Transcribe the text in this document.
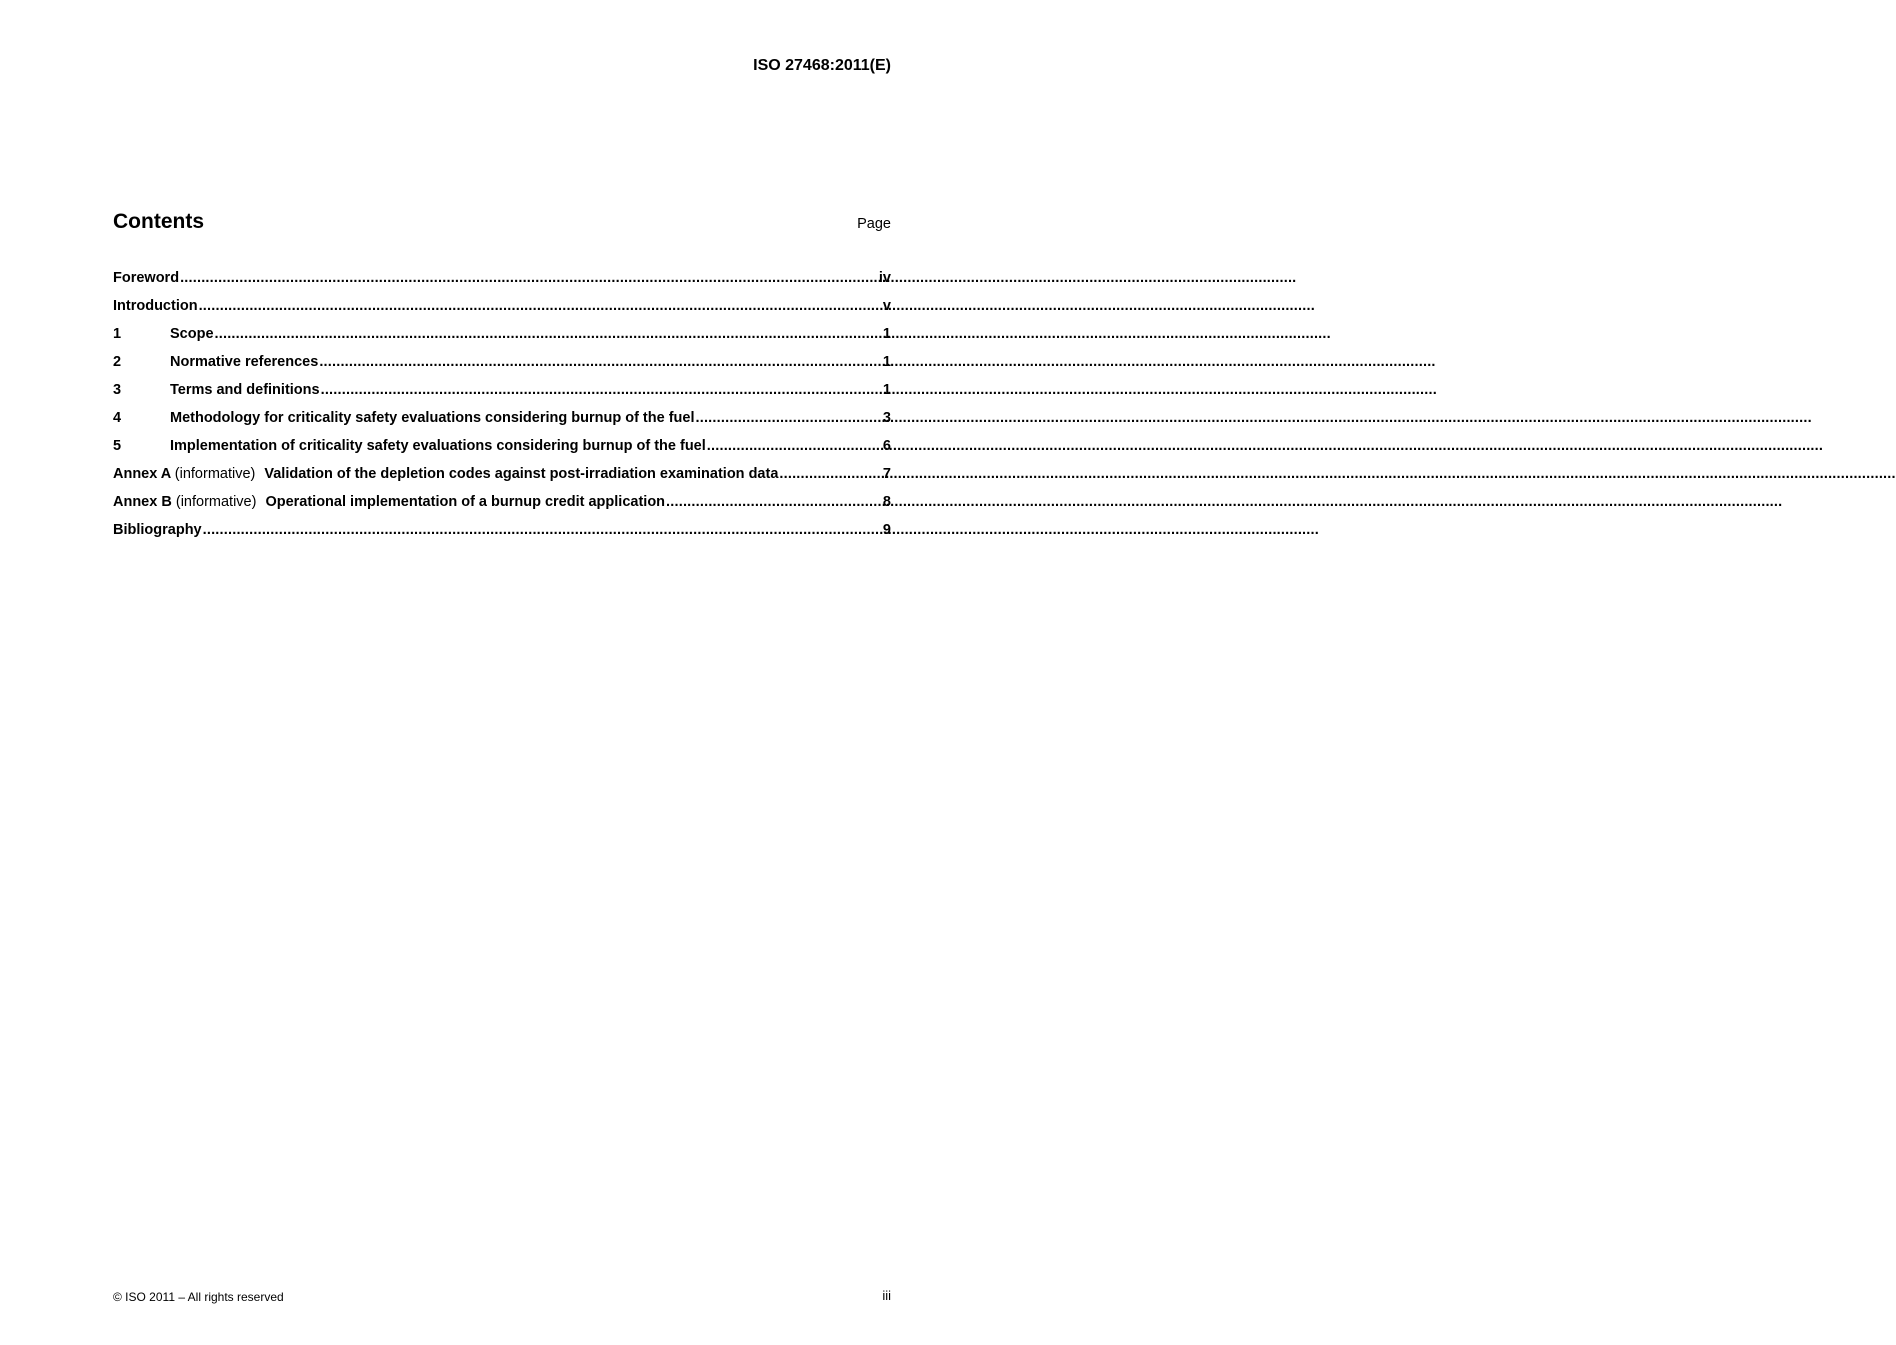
ISO 27468:2011(E)
Contents	Page
Foreword .....	iv
Introduction .....	v
1	Scope .....	1
2	Normative references .....	1
3	Terms and definitions .....	1
4	Methodology for criticality safety evaluations considering burnup of the fuel .....	3
5	Implementation of criticality safety evaluations considering burnup of the fuel .....	6
Annex A (informative) Validation of the depletion codes against post-irradiation examination data .....	7
Annex B (informative) Operational implementation of a burnup credit application .....	8
Bibliography .....	9
© ISO 2011 – All rights reserved	iii
